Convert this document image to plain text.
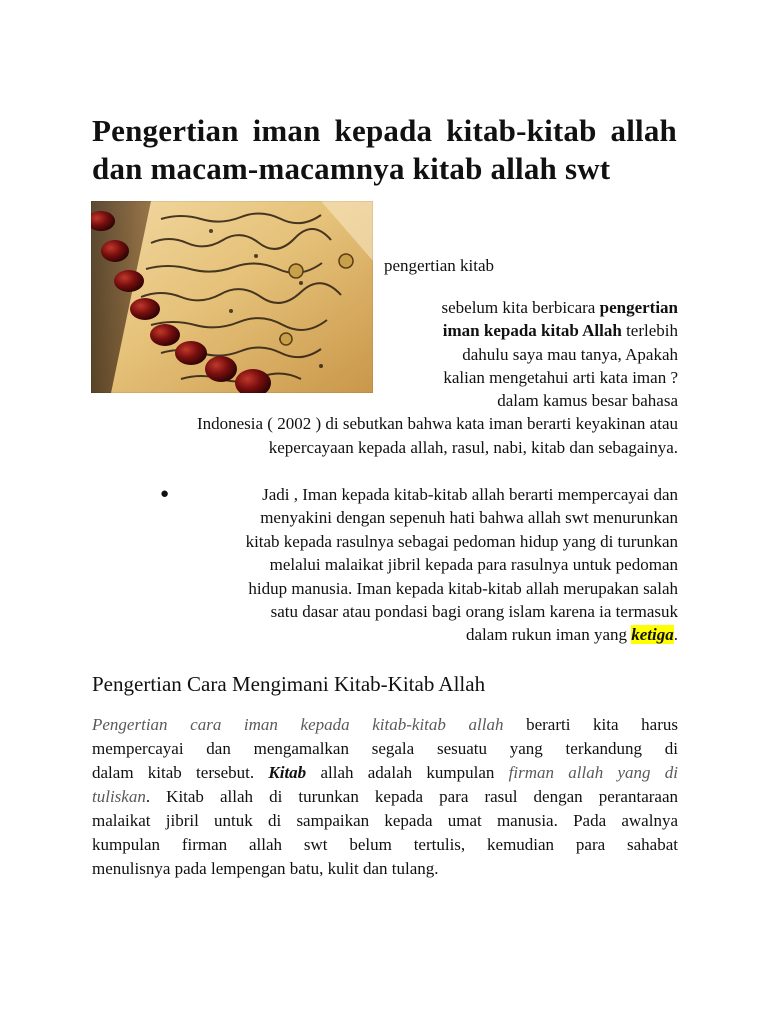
Pengertian iman kepada kitab-kitab allah dan macam-macamnya kitab allah swt

pengertian kitab

sebelum kita berbicara pengertian
iman kepada kitab Allah terlebih
dahulu saya mau tanya, Apakah
kalian mengetahui arti kata iman ?
dalam kamus besar bahasa
Indonesia ( 2002 ) di sebutkan bahwa kata iman berarti keyakinan atau
kepercayaan kepada allah, rasul, nabi, kitab dan sebagainya.

●	Jadi , Iman kepada kitab-kitab allah berarti mempercayai dan
menyakini dengan sepenuh hati bahwa allah swt menurunkan
kitab kepada rasulnya sebagai pedoman hidup yang di turunkan
melalui malaikat jibril kepada para rasulnya untuk pedoman
hidup manusia. Iman kepada kitab-kitab allah merupakan salah
satu dasar atau pondasi bagi orang islam karena ia termasuk
dalam rukun iman yang ketiga.
Pengertian Cara Mengimani Kitab-Kitab Allah

Pengertian cara iman kepada kitab-kitab allah berarti kita harus
mempercayai dan mengamalkan segala sesuatu yang terkandung di
dalam kitab tersebut. Kitab allah adalah kumpulan firman allah yang di
tuliskan. Kitab allah di turunkan kepada para rasul dengan perantaraan
malaikat jibril untuk di sampaikan kepada umat manusia. Pada awalnya
kumpulan firman allah swt belum tertulis, kemudian para sahabat
menulisnya pada lempengan batu, kulit dan tulang.
